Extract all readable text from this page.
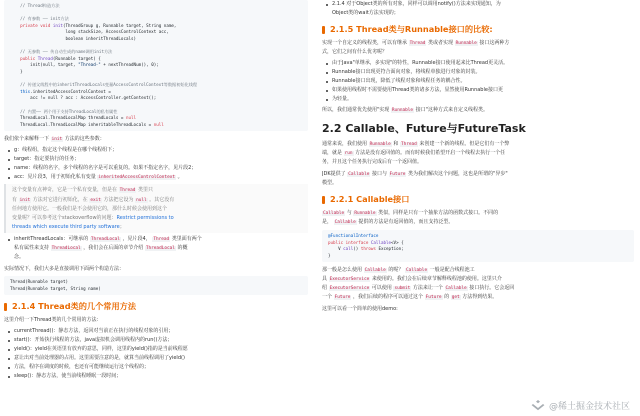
// Thread构造方法
// 有参数 —— init方法
private void init(ThreadGroup g, Runnable target, String name,
long stackSize, AccessControlContext acc,
boolean inheritThreadLocals)
// 无参数 —— 传自动生成的name调用init方法
public Thread(Runnable target) {
init(null, target, "Thread-" + nextThreadNum(), 0);
}
// 传递父线程中的inheritThreadLocals变量AccessControlContext等数据初始化线程
this.inheritedAccessControlContext =
acc != null ? acc : AccessController.getContext();
// 内置—— 两个用于支持ThreadLocal的私有属性
ThreadLocal.ThreadLocalMap threadLocals = null
ThreadLocal.ThreadLocalMap inheritableThreadLocals = null

我们依个来解释一下 init 方法的这些参数：

g：线程组，指定这个线程是在哪个线程组下；
target：指定要执行的任务；
name：线程的名字，多个线程的名字是可以重复的。如果不指定名字，见片段2；
acc：见片段3，用于初始化私有变量 inheritedAccessControlContext 。

这个变量有点神奇，它是一个私有变量，但是在 Thread 类里只

有 init 方法对它进行初始化，在 exit 方法把它设为 null 。其它没有

任何地方使用它。一般我们是不会使用它的，那什么时候会使用到这个

变量呢？可以参考这个stackoverflow的问题：Restrict permissions to

threads which execute third party software；

inheritThreadLocals：可继承的 ThreadLocal ，见片段4， Thread 类里面有两个
私有属性来支持 ThreadLocal ，我们会在后面的章节介绍 ThreadLocal 的概
念。

实际情况下，我们大多是直接调用下面两个构造方法：

Thread(Runnable target)
Thread(Runnable target, String name)
2.1.4 Thread类的几个常用方法

这里介绍一下Thread类的几个常用的方法：

currentThread()：静态方法，返回对当前正在执行的线程对象的引用；
start()：开始执行线程的方法，java虚拟机会调用线程内的run()方法；
yield()：yield在英语里有放弃的意思，同样，这里的yield()指的是当前线程愿
意让出对当前处理器的占用。这里需要注意的是，就算当前线程调用了yield()
方法，程序在调度的时候，也还有可能继续运行这个线程的；
sleep()：静态方法，使当前线程睡眠一段时间；
2.1.4 对于Object类的所有对象，同样可以调用notify()方法来实现通知，为
Object类的wait方法实现的；
2.1.5 Thread类与Runnable接口的比较:

实现一个自定义的线程类，可以有继承 Thread 类或者实现 Runnable 接口这两种方

式，它们之间有什么优劣呢？

由于Java"单继承，多实现"的特性，Runnable接口使用起来比Thread更灵活。
Runnable接口出现更符合面向对象，将线程单独进行对象的封装。
Runnable接口出现，降低了线程对象和线程任务的耦合性。
如果使用线程时不需要使用Thread类的诸多方法，显然使用Runnable接口更
为轻量。

所以，我们通常优先使用"实现 Runnable 接口"这种方式来自定义线程类。

2.2 Callable、Future与FutureTask

通常来说，我们使用 Runnable 和 Thread 来创建一个新的线程。但是它们有一个弊

端，就是 run 方法是没有返回值的。而有时候我们希望开启一个线程去执行一个任

务，并且这个任务执行完成后有一个返回值。

JDK提供了 Callable 接口与 Future 类为我们解决这个问题，这也是所谓的"异步"

模型。

2.2.1 Callable接口

Callable 与 Runnable 类似，同样是只有一个抽象方法的函数式接口。不同的

是， Callable 提供的方法是有返回值的，而且支持泛型。

@FunctionalInterface
public interface Callable<V> {
V call() throws Exception;
}

那一般是怎么使用 Callable 的呢？ Callable 一般是配合线程池工

具 ExecutorService 来使用的。我们会在后续章节解释线程池的使用。这里只介

绍 ExecutorService 可以使用 submit 方法来让一个 Callable 接口执行。它会返回

一个 Future ，我们后续的程序可以通过这个 Future 的 get 方法得到结果。

这里可以看一个简单的使用demo:

@稀土掘金技术社区
